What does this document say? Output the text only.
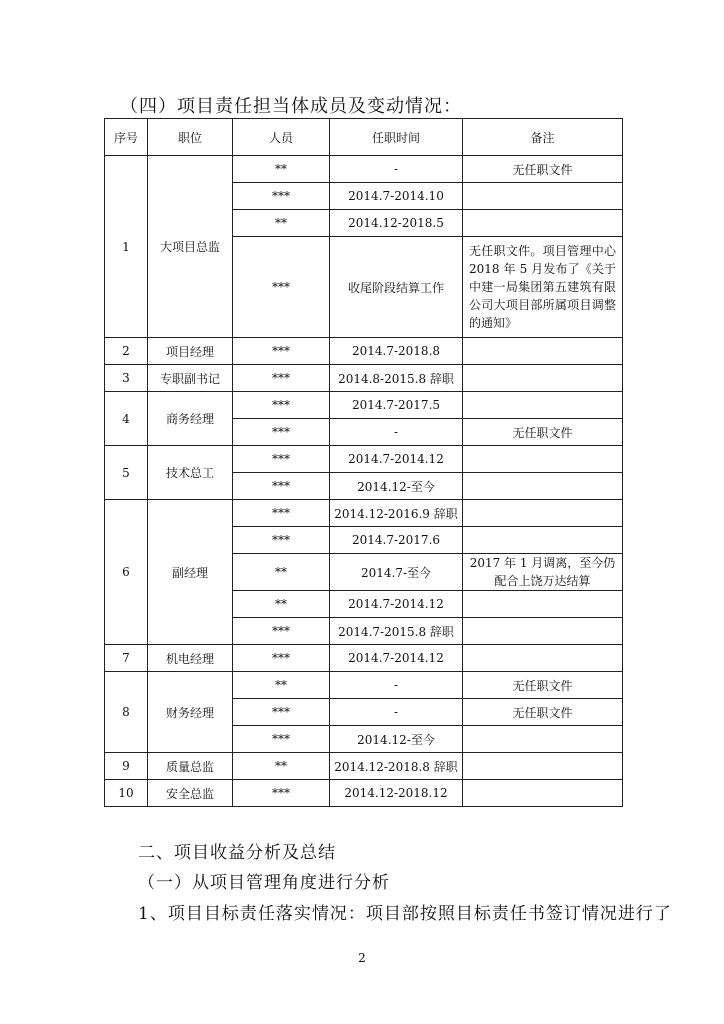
（四）项目责任担当体成员及变动情况：
序号	职位	人员	任职时间	备注
1	大项目总监	**	-	无任职文件
		***	2014.7-2014.10	
		**	2014.12-2018.5	
		***	收尾阶段结算工作	无任职文件。项目管理中心 2018 年 5 月发布了《关于中建一局集团第五建筑有限公司大项目部所属项目调整的通知》
2	项目经理	***	2014.7-2018.8	
3	专职副书记	***	2014.8-2015.8 辞职	
4	商务经理	***	2014.7-2017.5	
		***	-	无任职文件
5	技术总工	***	2014.7-2014.12	
		***	2014.12-至今	
6	副经理	***	2014.12-2016.9 辞职	
		***	2014.7-2017.6	
		**	2014.7-至今	2017 年 1 月调离，至今仍配合上饶万达结算
		**	2014.7-2014.12	
		***	2014.7-2015.8 辞职	
7	机电经理	***	2014.7-2014.12	
8	财务经理	**	-	无任职文件
		***	-	无任职文件
		***	2014.12-至今	
9	质量总监	**	2014.12-2018.8 辞职	
10	安全总监	***	2014.12-2018.12	
二、项目收益分析及总结
（一）从项目管理角度进行分析
1、项目目标责任落实情况：项目部按照目标责任书签订情况进行了
2
